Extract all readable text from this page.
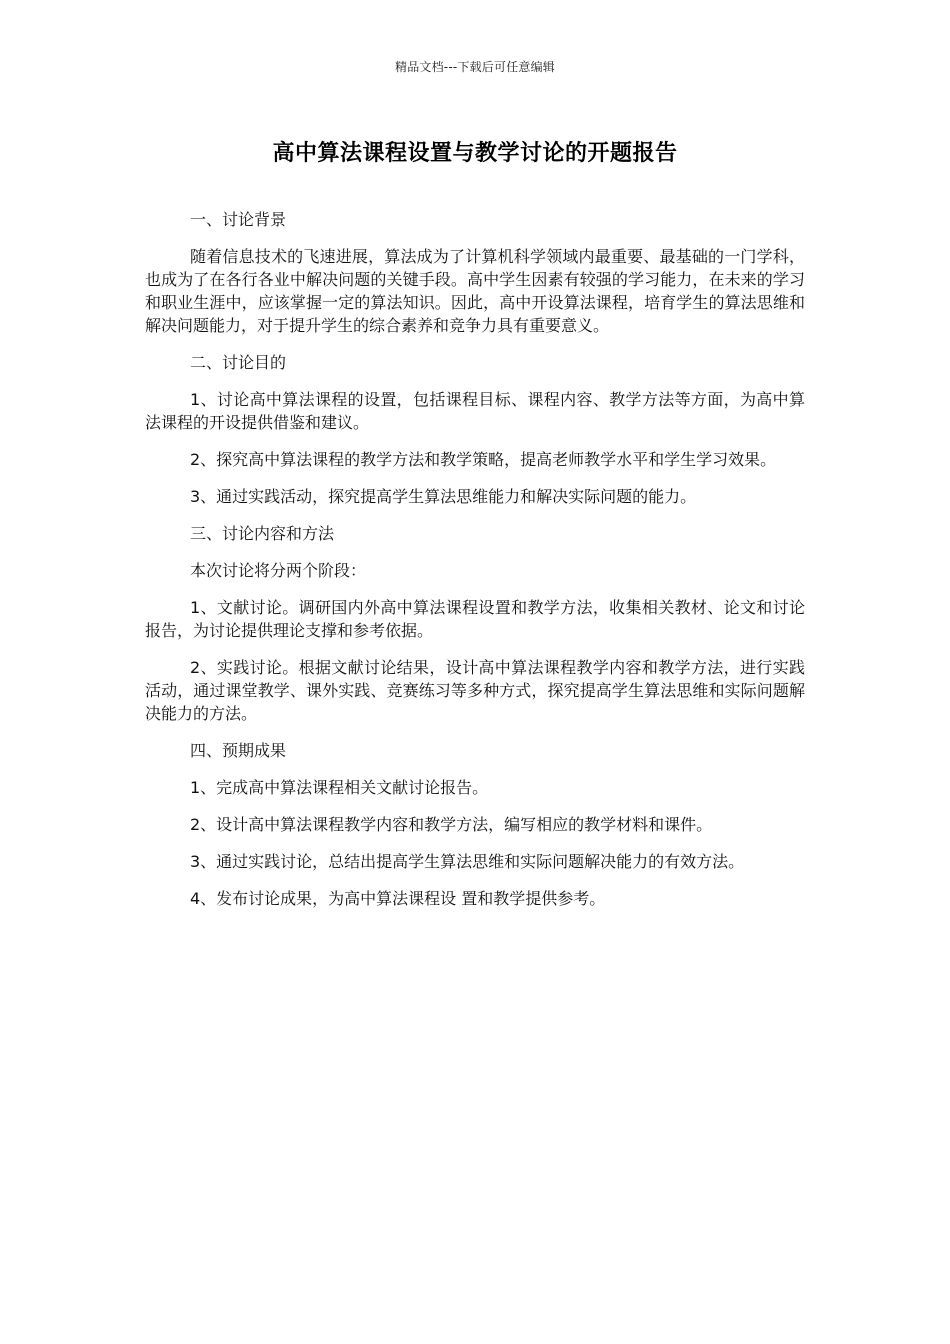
精品文档---下载后可任意编辑
高中算法课程设置与教学讨论的开题报告

一、讨论背景

随着信息技术的飞速进展，算法成为了计算机科学领域内最重要、最基础的一门学科，也成为了在各行各业中解决问题的关键手段。高中学生因素有较强的学习能力，在未来的学习和职业生涯中，应该掌握一定的算法知识。因此，高中开设算法课程，培育学生的算法思维和解决问题能力，对于提升学生的综合素养和竞争力具有重要意义。

二、讨论目的

1、讨论高中算法课程的设置，包括课程目标、课程内容、教学方法等方面，为高中算法课程的开设提供借鉴和建议。

2、探究高中算法课程的教学方法和教学策略，提高老师教学水平和学生学习效果。

3、通过实践活动，探究提高学生算法思维能力和解决实际问题的能力。

三、讨论内容和方法

本次讨论将分两个阶段：

1、文献讨论。调研国内外高中算法课程设置和教学方法，收集相关教材、论文和讨论报告，为讨论提供理论支撑和参考依据。

2、实践讨论。根据文献讨论结果，设计高中算法课程教学内容和教学方法，进行实践活动，通过课堂教学、课外实践、竞赛练习等多种方式，探究提高学生算法思维和实际问题解决能力的方法。

四、预期成果

1、完成高中算法课程相关文献讨论报告。

2、设计高中算法课程教学内容和教学方法，编写相应的教学材料和课件。

3、通过实践讨论，总结出提高学生算法思维和实际问题解决能力的有效方法。

4、发布讨论成果，为高中算法课程设 置和教学提供参考。
